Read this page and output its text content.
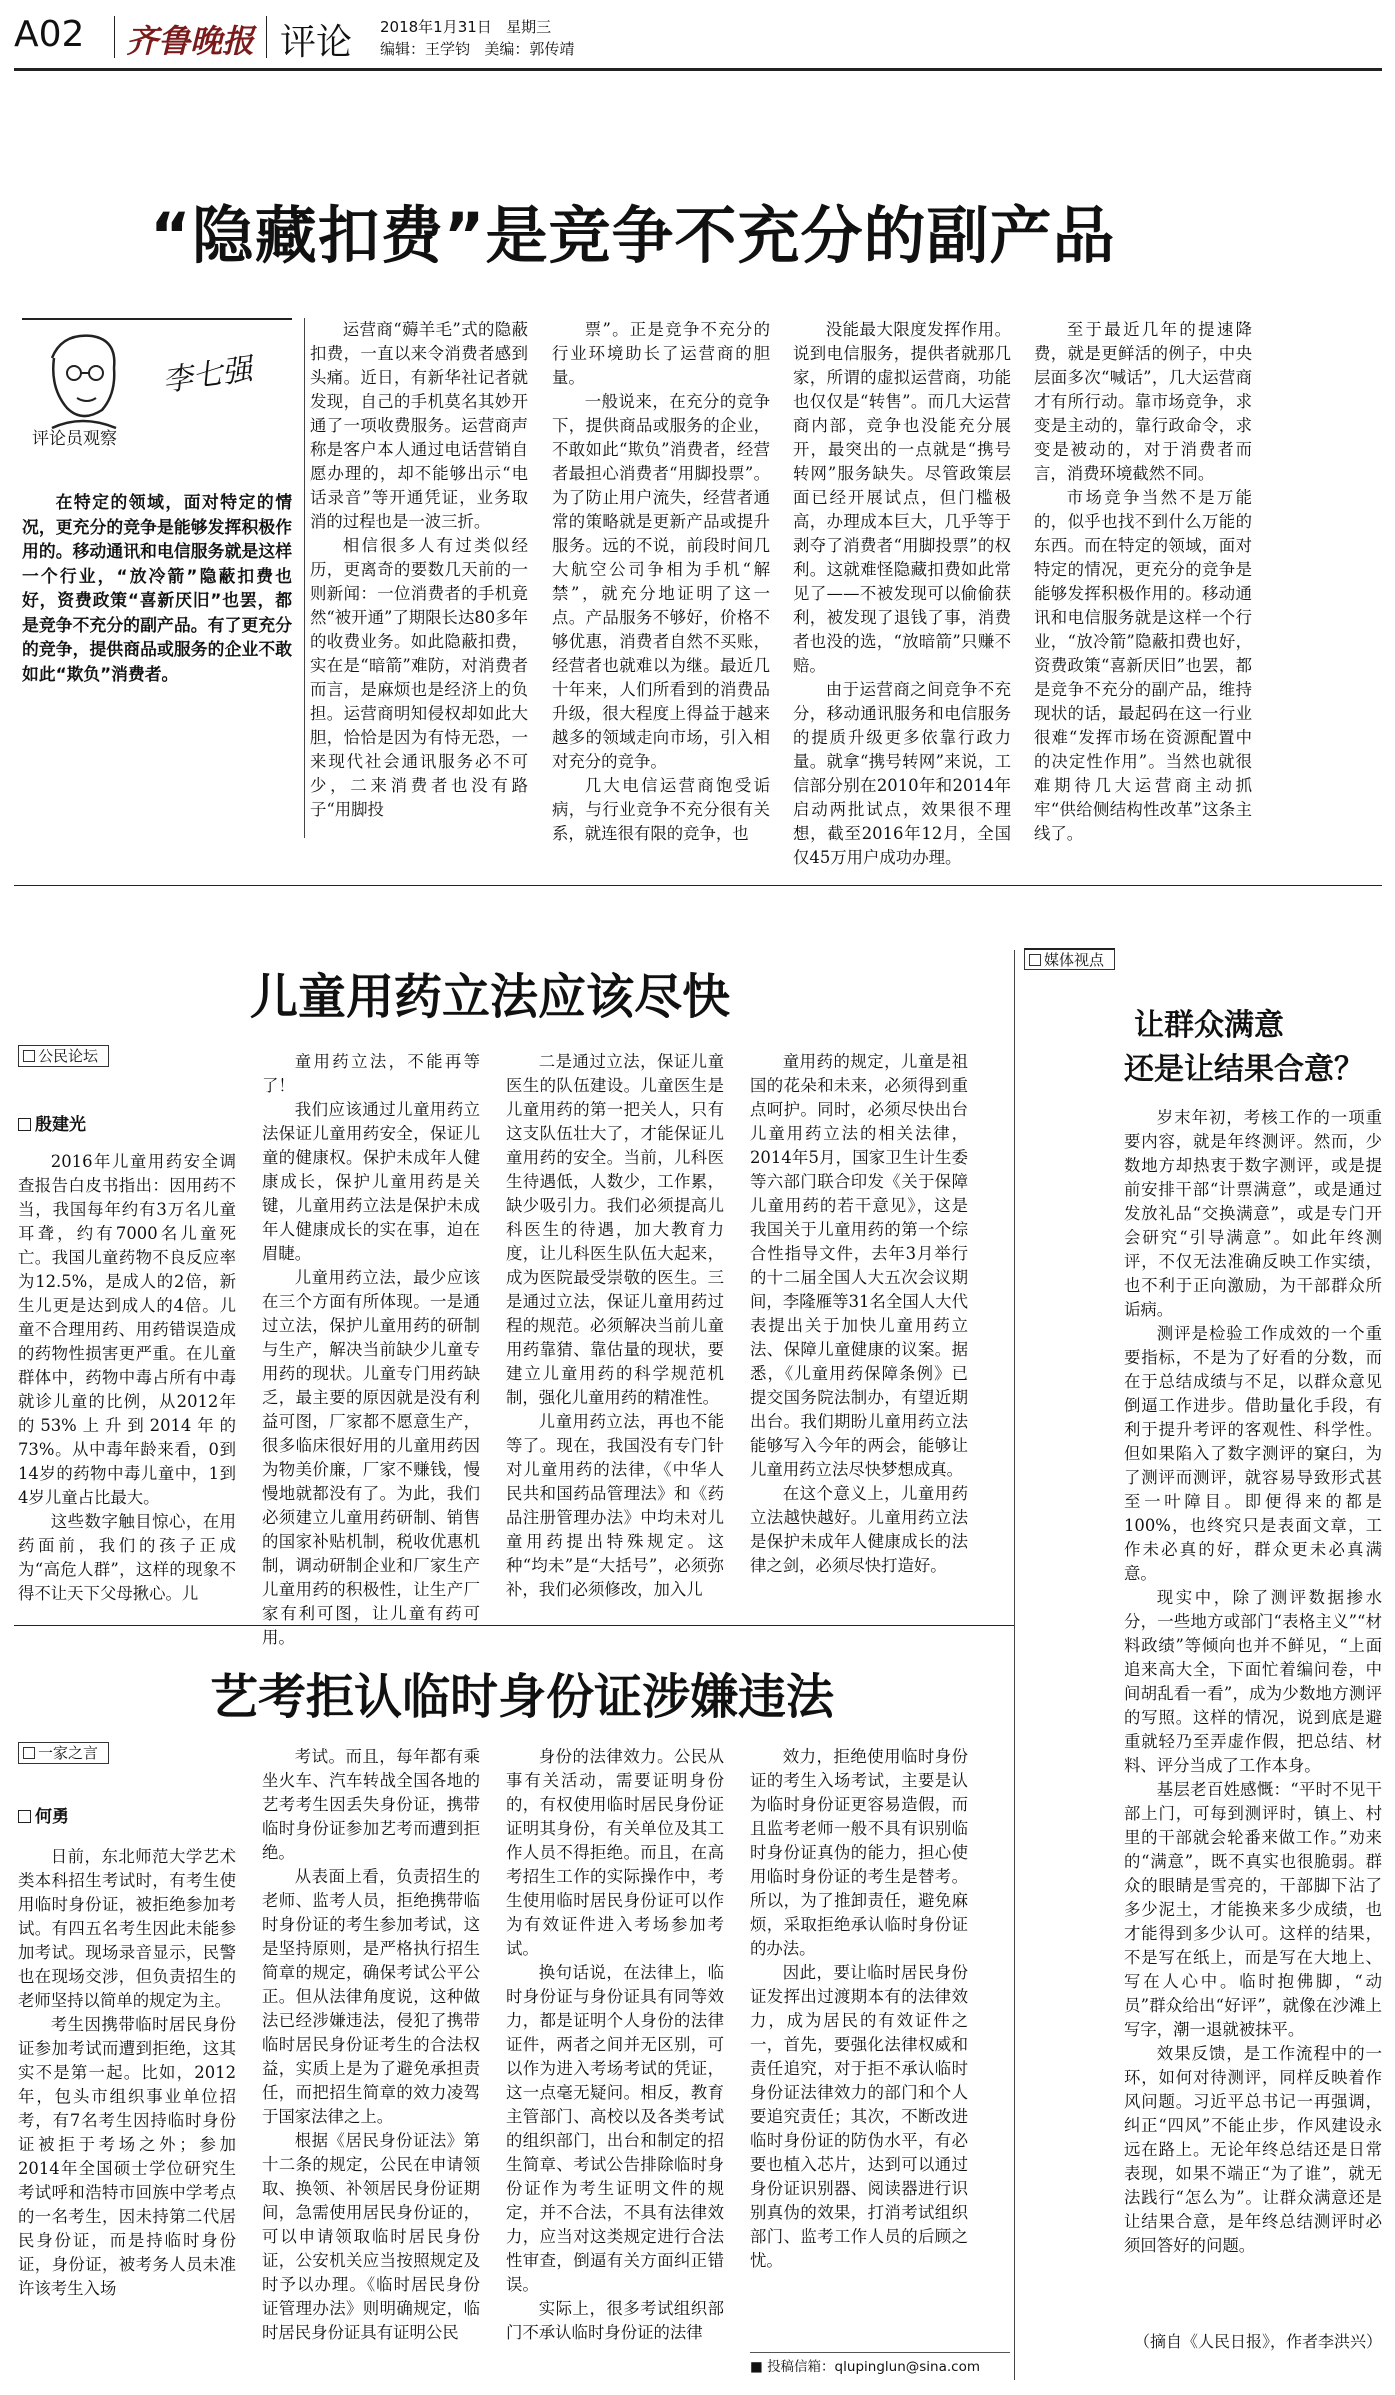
A02 齐鲁晚报 评论 2018年1月31日 星期三
编辑：王学钧 美编：郭传靖
“隐藏扣费”是竞争不充分的副产品
李七强
评论员观察

在特定的领域，面对特定的情况，更充分的竞争是能够发挥积极作用的。移动通讯和电信服务就是这样一个行业，“放冷箭”隐蔽扣费也好，资费政策“喜新厌旧”也罢，都是竞争不充分的副产品。有了更充分的竞争，提供商品或服务的企业不敢如此“欺负”消费者。

运营商“薅羊毛”式的隐蔽扣费，一直以来令消费者感到头痛。近日，有新华社记者就发现，自己的手机莫名其妙开通了一项收费服务。运营商声称是客户本人通过电话营销自愿办理的，却不能够出示“电话录音”等开通凭证，业务取消的过程也是一波三折。

相信很多人有过类似经历，更离奇的要数几天前的一则新闻：一位消费者的手机竟然“被开通”了期限长达80多年的收费业务。如此隐蔽扣费，实在是“暗箭”难防，对消费者而言，是麻烦也是经济上的负担。运营商明知侵权却如此大胆，恰恰是因为有恃无恐，一来现代社会通讯服务必不可少，二来消费者也没有路子“用脚投

票”。正是竞争不充分的行业环境助长了运营商的胆量。

一般说来，在充分的竞争下，提供商品或服务的企业，不敢如此“欺负”消费者，经营者最担心消费者“用脚投票”。为了防止用户流失，经营者通常的策略就是更新产品或提升服务。远的不说，前段时间几大航空公司争相为手机“解禁”，就充分地证明了这一点。产品服务不够好，价格不够优惠，消费者自然不买账，经营者也就难以为继。最近几十年来，人们所看到的消费品升级，很大程度上得益于越来越多的领域走向市场，引入相对充分的竞争。

几大电信运营商饱受诟病，与行业竞争不充分很有关系，就连很有限的竞争，也

没能最大限度发挥作用。说到电信服务，提供者就那几家，所谓的虚拟运营商，功能也仅仅是“转售”。而几大运营商内部，竞争也没能充分展开，最突出的一点就是“携号转网”服务缺失。尽管政策层面已经开展试点，但门槛极高，办理成本巨大，几乎等于剥夺了消费者“用脚投票”的权利。这就难怪隐藏扣费如此常见了——不被发现可以偷偷获利，被发现了退钱了事，消费者也没的选，“放暗箭”只赚不赔。

由于运营商之间竞争不充分，移动通讯服务和电信服务的提质升级更多依靠行政力量。就拿“携号转网”来说，工信部分别在2010年和2014年启动两批试点，效果很不理想，截至2016年12月，全国仅45万用户成功办理。

至于最近几年的提速降费，就是更鲜活的例子，中央层面多次“喊话”，几大运营商才有所行动。靠市场竞争，求变是主动的，靠行政命令，求变是被动的，对于消费者而言，消费环境截然不同。

市场竞争当然不是万能的，似乎也找不到什么万能的东西。而在特定的领域，面对特定的情况，更充分的竞争是能够发挥积极作用的。移动通讯和电信服务就是这样一个行业，“放冷箭”隐蔽扣费也好，资费政策“喜新厌旧”也罢，都是竞争不充分的副产品，维持现状的话，最起码在这一行业很难“发挥市场在资源配置中的决定性作用”。当然也就很难期待几大运营商主动抓牢“供给侧结构性改革”这条主线了。

儿童用药立法应该尽快
公民论坛
殷建光

2016年儿童用药安全调查报告白皮书指出：因用药不当，我国每年约有3万名儿童耳聋，约有7000名儿童死亡。我国儿童药物不良反应率为12.5%，是成人的2倍，新生儿更是达到成人的4倍。儿童不合理用药、用药错误造成的药物性损害更严重。在儿童群体中，药物中毒占所有中毒就诊儿童的比例，从2012年的53%上升到2014年的73%。从中毒年龄来看，0到14岁的药物中毒儿童中，1到4岁儿童占比最大。

这些数字触目惊心，在用药面前，我们的孩子正成为“高危人群”，这样的现象不得不让天下父母揪心。儿

童用药立法，不能再等了！

我们应该通过儿童用药立法保证儿童用药安全，保证儿童的健康权。保护未成年人健康成长，保护儿童用药是关键，儿童用药立法是保护未成年人健康成长的实在事，迫在眉睫。

儿童用药立法，最少应该在三个方面有所体现。一是通过立法，保护儿童用药的研制与生产，解决当前缺少儿童专用药的现状。儿童专门用药缺乏，最主要的原因就是没有利益可图，厂家都不愿意生产，很多临床很好用的儿童用药因为物美价廉，厂家不赚钱，慢慢地就都没有了。为此，我们必须建立儿童用药研制、销售的国家补贴机制，税收优惠机制，调动研制企业和厂家生产儿童用药的积极性，让生产厂家有利可图，让儿童有药可用。

二是通过立法，保证儿童医生的队伍建设。儿童医生是儿童用药的第一把关人，只有这支队伍壮大了，才能保证儿童用药的安全。当前，儿科医生待遇低，人数少，工作累，缺少吸引力。我们必须提高儿科医生的待遇，加大教育力度，让儿科医生队伍大起来，成为医院最受崇敬的医生。三是通过立法，保证儿童用药过程的规范。必须解决当前儿童用药靠猜、靠估量的现状，要建立儿童用药的科学规范机制，强化儿童用药的精准性。

儿童用药立法，再也不能等了。现在，我国没有专门针对儿童用药的法律，《中华人民共和国药品管理法》和《药品注册管理办法》中均未对儿童用药提出特殊规定。这种“均未”是“大括号”，必须弥补，我们必须修改，加入儿

童用药的规定，儿童是祖国的花朵和未来，必须得到重点呵护。同时，必须尽快出台儿童用药立法的相关法律，2014年5月，国家卫生计生委等六部门联合印发《关于保障儿童用药的若干意见》，这是我国关于儿童用药的第一个综合性指导文件，去年3月举行的十二届全国人大五次会议期间，李隆雁等31名全国人大代表提出关于加快儿童用药立法、保障儿童健康的议案。据悉，《儿童用药保障条例》已提交国务院法制办，有望近期出台。我们期盼儿童用药立法能够写入今年的两会，能够让儿童用药立法尽快梦想成真。

在这个意义上，儿童用药立法越快越好。儿童用药立法是保护未成年人健康成长的法律之剑，必须尽快打造好。

艺考拒认临时身份证涉嫌违法
一家之言
何勇

日前，东北师范大学艺术类本科招生考试时，有考生使用临时身份证，被拒绝参加考试。有四五名考生因此未能参加考试。现场录音显示，民警也在现场交涉，但负责招生的老师坚持以简单的规定为主。

考生因携带临时居民身份证参加考试而遭到拒绝，这其实不是第一起。比如，2012年，包头市组织事业单位招考，有7名考生因持临时身份证被拒于考场之外；参加2014年全国硕士学位研究生考试呼和浩特市回族中学考点的一名考生，因未持第二代居民身份证，而是持临时身份证，身份证，被考务人员未准许该考生入场

考试。而且，每年都有乘坐火车、汽车转战全国各地的艺考考生因丢失身份证，携带临时身份证参加艺考而遭到拒绝。

从表面上看，负责招生的老师、监考人员，拒绝携带临时身份证的考生参加考试，这是坚持原则，是严格执行招生简章的规定，确保考试公平公正。但从法律角度说，这种做法已经涉嫌违法，侵犯了携带临时居民身份证考生的合法权益，实质上是为了避免承担责任，而把招生简章的效力凌驾于国家法律之上。

根据《居民身份证法》第十二条的规定，公民在申请领取、换领、补领居民身份证期间，急需使用居民身份证的，可以申请领取临时居民身份证，公安机关应当按照规定及时予以办理。《临时居民身份证管理办法》则明确规定，临时居民身份证具有证明公民

身份的法律效力。公民从事有关活动，需要证明身份的，有权使用临时居民身份证证明其身份，有关单位及其工作人员不得拒绝。而且，在高考招生工作的实际操作中，考生使用临时居民身份证可以作为有效证件进入考场参加考试。

换句话说，在法律上，临时身份证与身份证具有同等效力，都是证明个人身份的法律证件，两者之间并无区别，可以作为进入考场考试的凭证，这一点毫无疑问。相反，教育主管部门、高校以及各类考试的组织部门，出台和制定的招生简章、考试公告排除临时身份证作为考生证明文件的规定，并不合法，不具有法律效力，应当对这类规定进行合法性审查，倒逼有关方面纠正错误。

实际上，很多考试组织部门不承认临时身份证的法律

效力，拒绝使用临时身份证的考生入场考试，主要是认为临时身份证更容易造假，而且监考老师一般不具有识别临时身份证真伪的能力，担心使用临时身份证的考生是替考。所以，为了推卸责任，避免麻烦，采取拒绝承认临时身份证的办法。

因此，要让临时居民身份证发挥出过渡期本有的法律效力，成为居民的有效证件之一，首先，要强化法律权威和责任追究，对于拒不承认临时身份证法律效力的部门和个人要追究责任；其次，不断改进临时身份证的防伪水平，有必要也植入芯片，达到可以通过身份证识别器、阅读器进行识别真伪的效果，打消考试组织部门、监考工作人员的后顾之忧。

■ 投稿信箱：qlupinglun@sina.com
媒体视点
让群众满意
还是让结果合意？

岁末年初，考核工作的一项重要内容，就是年终测评。然而，少数地方却热衷于数字测评，或是提前安排干部“计票满意”，或是通过发放礼品“交换满意”，或是专门开会研究“引导满意”。如此年终测评，不仅无法准确反映工作实绩，也不利于正向激励，为干部群众所诟病。

测评是检验工作成效的一个重要指标，不是为了好看的分数，而在于总结成绩与不足，以群众意见倒逼工作进步。借助量化手段，有利于提升考评的客观性、科学性。但如果陷入了数字测评的窠臼，为了测评而测评，就容易导致形式甚至一叶障目。即便得来的都是100%，也终究只是表面文章，工作未必真的好，群众更未必真满意。

现实中，除了测评数据掺水分，一些地方或部门“表格主义”“材料政绩”等倾向也并不鲜见，“上面追来高大全，下面忙着编问卷，中间胡乱看一看”，成为少数地方测评的写照。这样的情况，说到底是避重就轻乃至弄虚作假，把总结、材料、评分当成了工作本身。

基层老百姓感慨：“平时不见干部上门，可每到测评时，镇上、村里的干部就会轮番来做工作。”劝来的“满意”，既不真实也很脆弱。群众的眼睛是雪亮的，干部脚下沾了多少泥土，才能换来多少成绩，也才能得到多少认可。这样的结果，不是写在纸上，而是写在大地上、写在人心中。临时抱佛脚，“动员”群众给出“好评”，就像在沙滩上写字，潮一退就被抹平。

效果反馈，是工作流程中的一环，如何对待测评，同样反映着作风问题。习近平总书记一再强调，纠正“四风”不能止步，作风建设永远在路上。无论年终总结还是日常表现，如果不端正“为了谁”，就无法践行“怎么为”。让群众满意还是让结果合意，是年终总结测评时必须回答好的问题。

（摘自《人民日报》，作者李洪兴）
